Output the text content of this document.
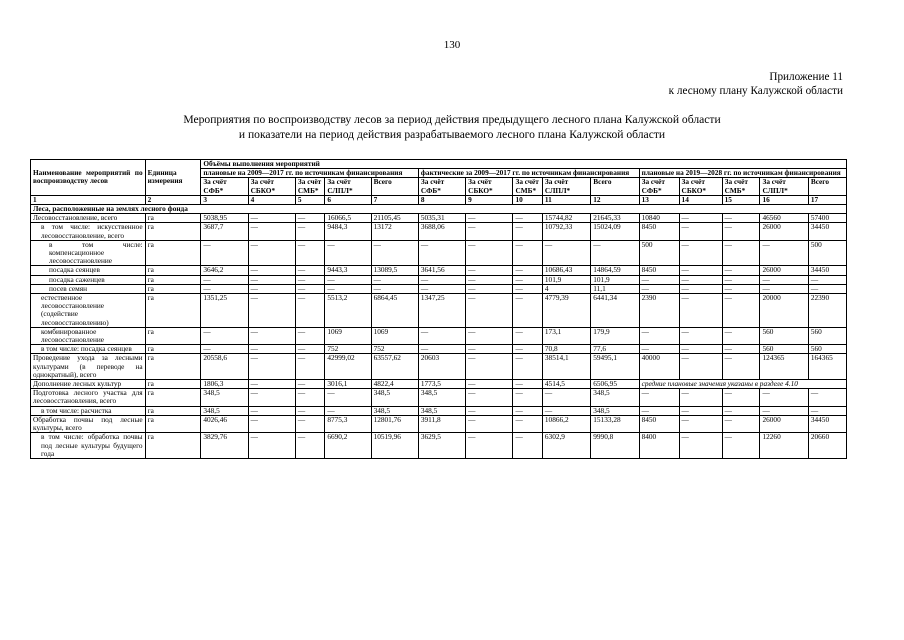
130
Приложение 11
к лесному плану Калужской области
Мероприятия по воспроизводству лесов за период действия предыдущего лесного плана Калужской области
и показатели на период действия разрабатываемого лесного плана Калужской области
Наименование мероприятий по воспроизводству лесов	Единица измерения	Объёмы выполнения мероприятий														
		плановые на 2009—2017 гг. по источникам финансирования					фактические за 2009—2017 гг. по источникам финансирования					плановые на 2019—2028 гг. по источникам финансирования				
		За счёт СФБ*	За счёт СБКО*	За счёт СМБ*	За счёт СЛПЛ*	Всего	За счёт СФБ*	За счёт СБКО*	За счёт СМБ*	За счёт СЛПЛ*	Всего	За счёт СФБ*	За счёт СБКО*	За счёт СМБ*	За счёт СЛПЛ*	Всего
1	2	3	4	5	6	7	8	9	10	11	12	13	14	15	16	17
Леса, расположенные на землях лесного фонда																
Лесовосстановление, всего	га	5038,95	—	—	16066,5	21105,45	5035,31	—	—	15744,82	21645,33	10840	—	—	46560	57400
в том числе: искусственное лесовосстановление, всего	га	3687,7	—	—	9484,3	13172	3688,06	—	—	10792,33	15024,09	8450	—	—	26000	34450
в том числе: компенсационное лесовосстановление	га	—	—	—	—	—	—	—	—	—	—	500	—	—	—	500
посадка сеянцев	га	3646,2	—	—	9443,3	13089,5	3641,56	—	—	10686,43	14864,59	8450	—	—	26000	34450
посадка саженцев	га	—	—	—	—	—	—	—	—	101,9	101,9	—	—	—	—	—
посев семян	га	—	—	—	—	—	—	—	—	4	11,1	—	—	—	—	—
естественное лесовосстановление (содействие лесовосстановлению)	га	1351,25	—	—	5513,2	6864,45	1347,25	—	—	4779,39	6441,34	2390	—	—	20000	22390
комбинированное лесовосстановление	га	—	—	—	1069	1069	—	—	—	173,1	179,9	—	—	—	560	560
в том числе: посадка сеянцев	га	—	—	—	752	752	—	—	—	70,8	77,6	—	—	—	560	560
Проведение ухода за лесными культурами (в переводе на однократный), всего	га	20558,6	—	—	42999,02	63557,62	20603	—	—	38514,1	59495,1	40000	—	—	124365	164365
Дополнение лесных культур	га	1806,3	—	—	3016,1	4822,4	1773,5	—	—	4514,5	6506,95	средние плановые значения указаны в разделе 4.10				
Подготовка лесного участка для лесовосстановления, всего	га	348,5	—	—	—	348,5	348,5	—	—	—	348,5	—	—	—	—	—
в том числе: расчистка	га	348,5	—	—	—	348,5	348,5	—	—	—	348,5	—	—	—	—	—
Обработка почвы под лесные культуры, всего	га	4026,46	—	—	8775,3	12801,76	3911,8	—	—	10866,2	15133,28	8450	—	—	26000	34450
в том числе: обработка почвы под лесные культуры будущего года	га	3829,76	—	—	6690,2	10519,96	3629,5	—	—	6302,9	9990,8	8400	—	—	12260	20660
